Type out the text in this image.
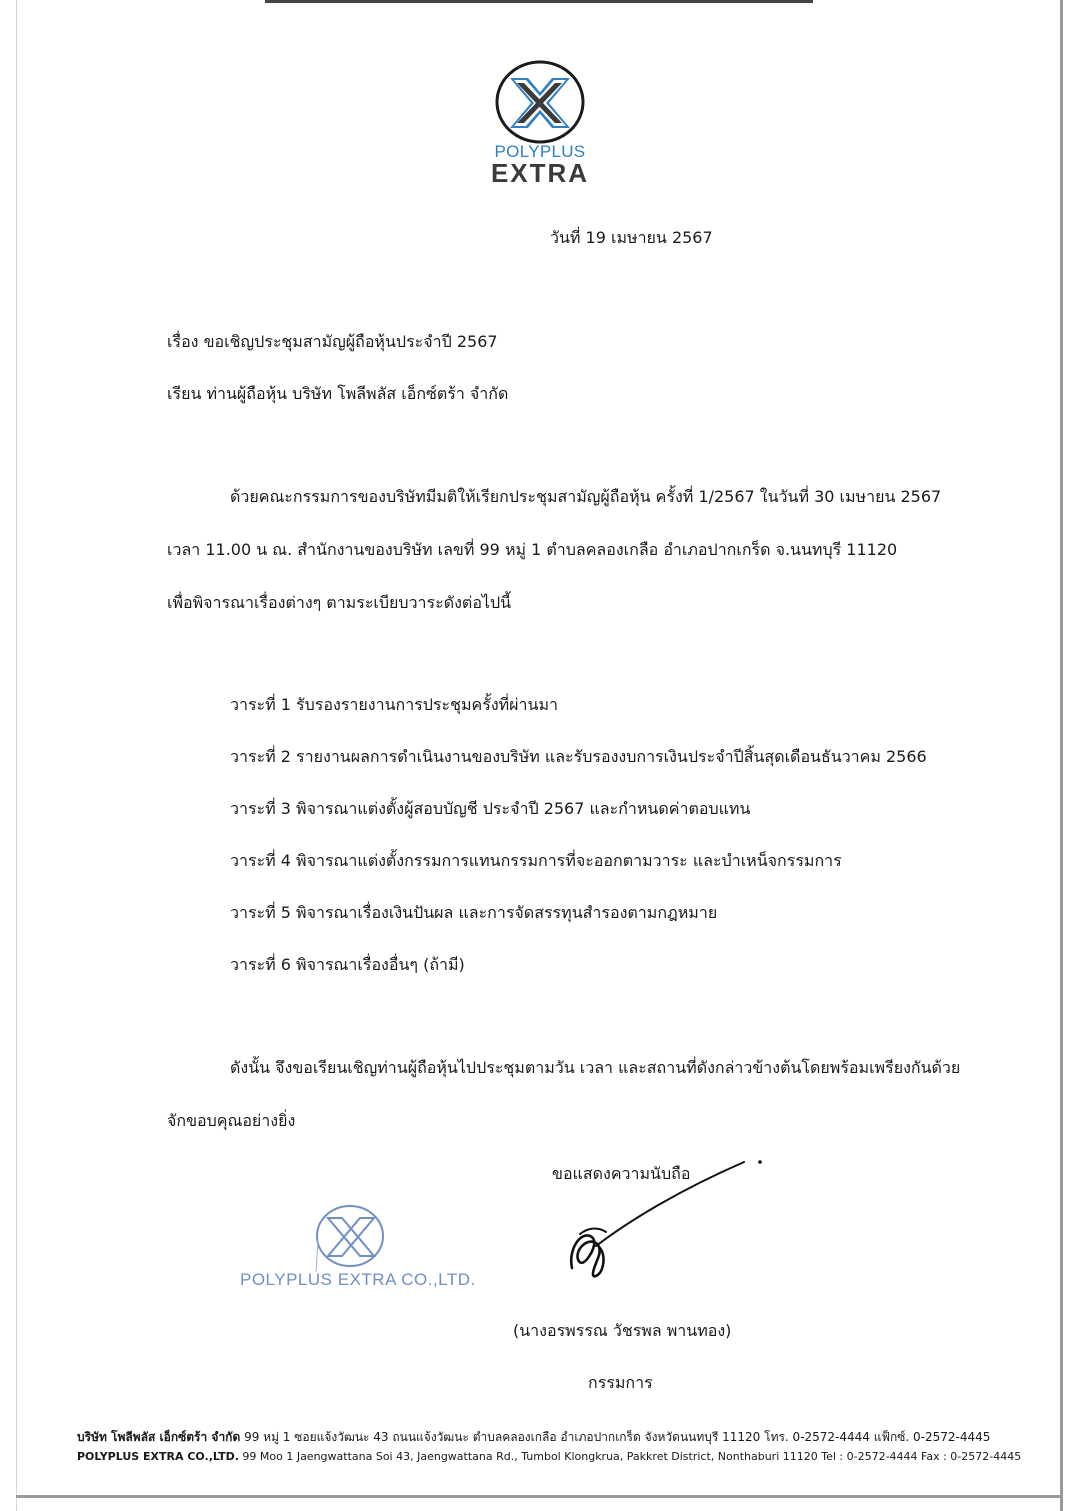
POLYPLUS
EXTRA
วันที่ 19 เมษายน 2567
เรื่อง ขอเชิญประชุมสามัญผู้ถือหุ้นประจำปี 2567
เรียน ท่านผู้ถือหุ้น บริษัท โพลีพลัส เอ็กซ์ตร้า จำกัด
ด้วยคณะกรรมการของบริษัทมีมติให้เรียกประชุมสามัญผู้ถือหุ้น ครั้งที่ 1/2567 ในวันที่ 30 เมษายน 2567
เวลา 11.00 น ณ. สำนักงานของบริษัท เลขที่ 99 หมู่ 1 ตำบลคลองเกลือ อำเภอปากเกร็ด จ.นนทบุรี 11120
เพื่อพิจารณาเรื่องต่างๆ ตามระเบียบวาระดังต่อไปนี้
วาระที่ 1 รับรองรายงานการประชุมครั้งที่ผ่านมา
วาระที่ 2 รายงานผลการดำเนินงานของบริษัท และรับรองงบการเงินประจำปีสิ้นสุดเดือนธันวาคม 2566
วาระที่ 3 พิจารณาแต่งตั้งผู้สอบบัญชี ประจำปี 2567 และกำหนดค่าตอบแทน
วาระที่ 4 พิจารณาแต่งตั้งกรรมการแทนกรรมการที่จะออกตามวาระ และบำเหน็จกรรมการ
วาระที่ 5 พิจารณาเรื่องเงินปันผล และการจัดสรรทุนสำรองตามกฎหมาย
วาระที่ 6 พิจารณาเรื่องอื่นๆ (ถ้ามี)
ดังนั้น จึงขอเรียนเชิญท่านผู้ถือหุ้นไปประชุมตามวัน เวลา และสถานที่ดังกล่าวข้างต้นโดยพร้อมเพรียงกันด้วย
จักขอบคุณอย่างยิ่ง
ขอแสดงความนับถือ
POLYPLUS EXTRA CO.,LTD.
(นางอรพรรณ วัชรพล พานทอง)
กรรมการ
บริษัท โพลีพลัส เอ็กซ์ตร้า จำกัด 99 หมู่ 1 ซอยแจ้งวัฒนะ 43 ถนนแจ้งวัฒนะ ตำบลคลองเกลือ อำเภอปากเกร็ด จังหวัดนนทบุรี 11120 โทร. 0-2572-4444 แฟ็กซ์. 0-2572-4445
POLYPLUS EXTRA CO.,LTD. 99 Moo 1 Jaengwattana Soi 43, Jaengwattana Rd., Tumbol Klongkrua, Pakkret District, Nonthaburi 11120 Tel : 0-2572-4444 Fax : 0-2572-4445
